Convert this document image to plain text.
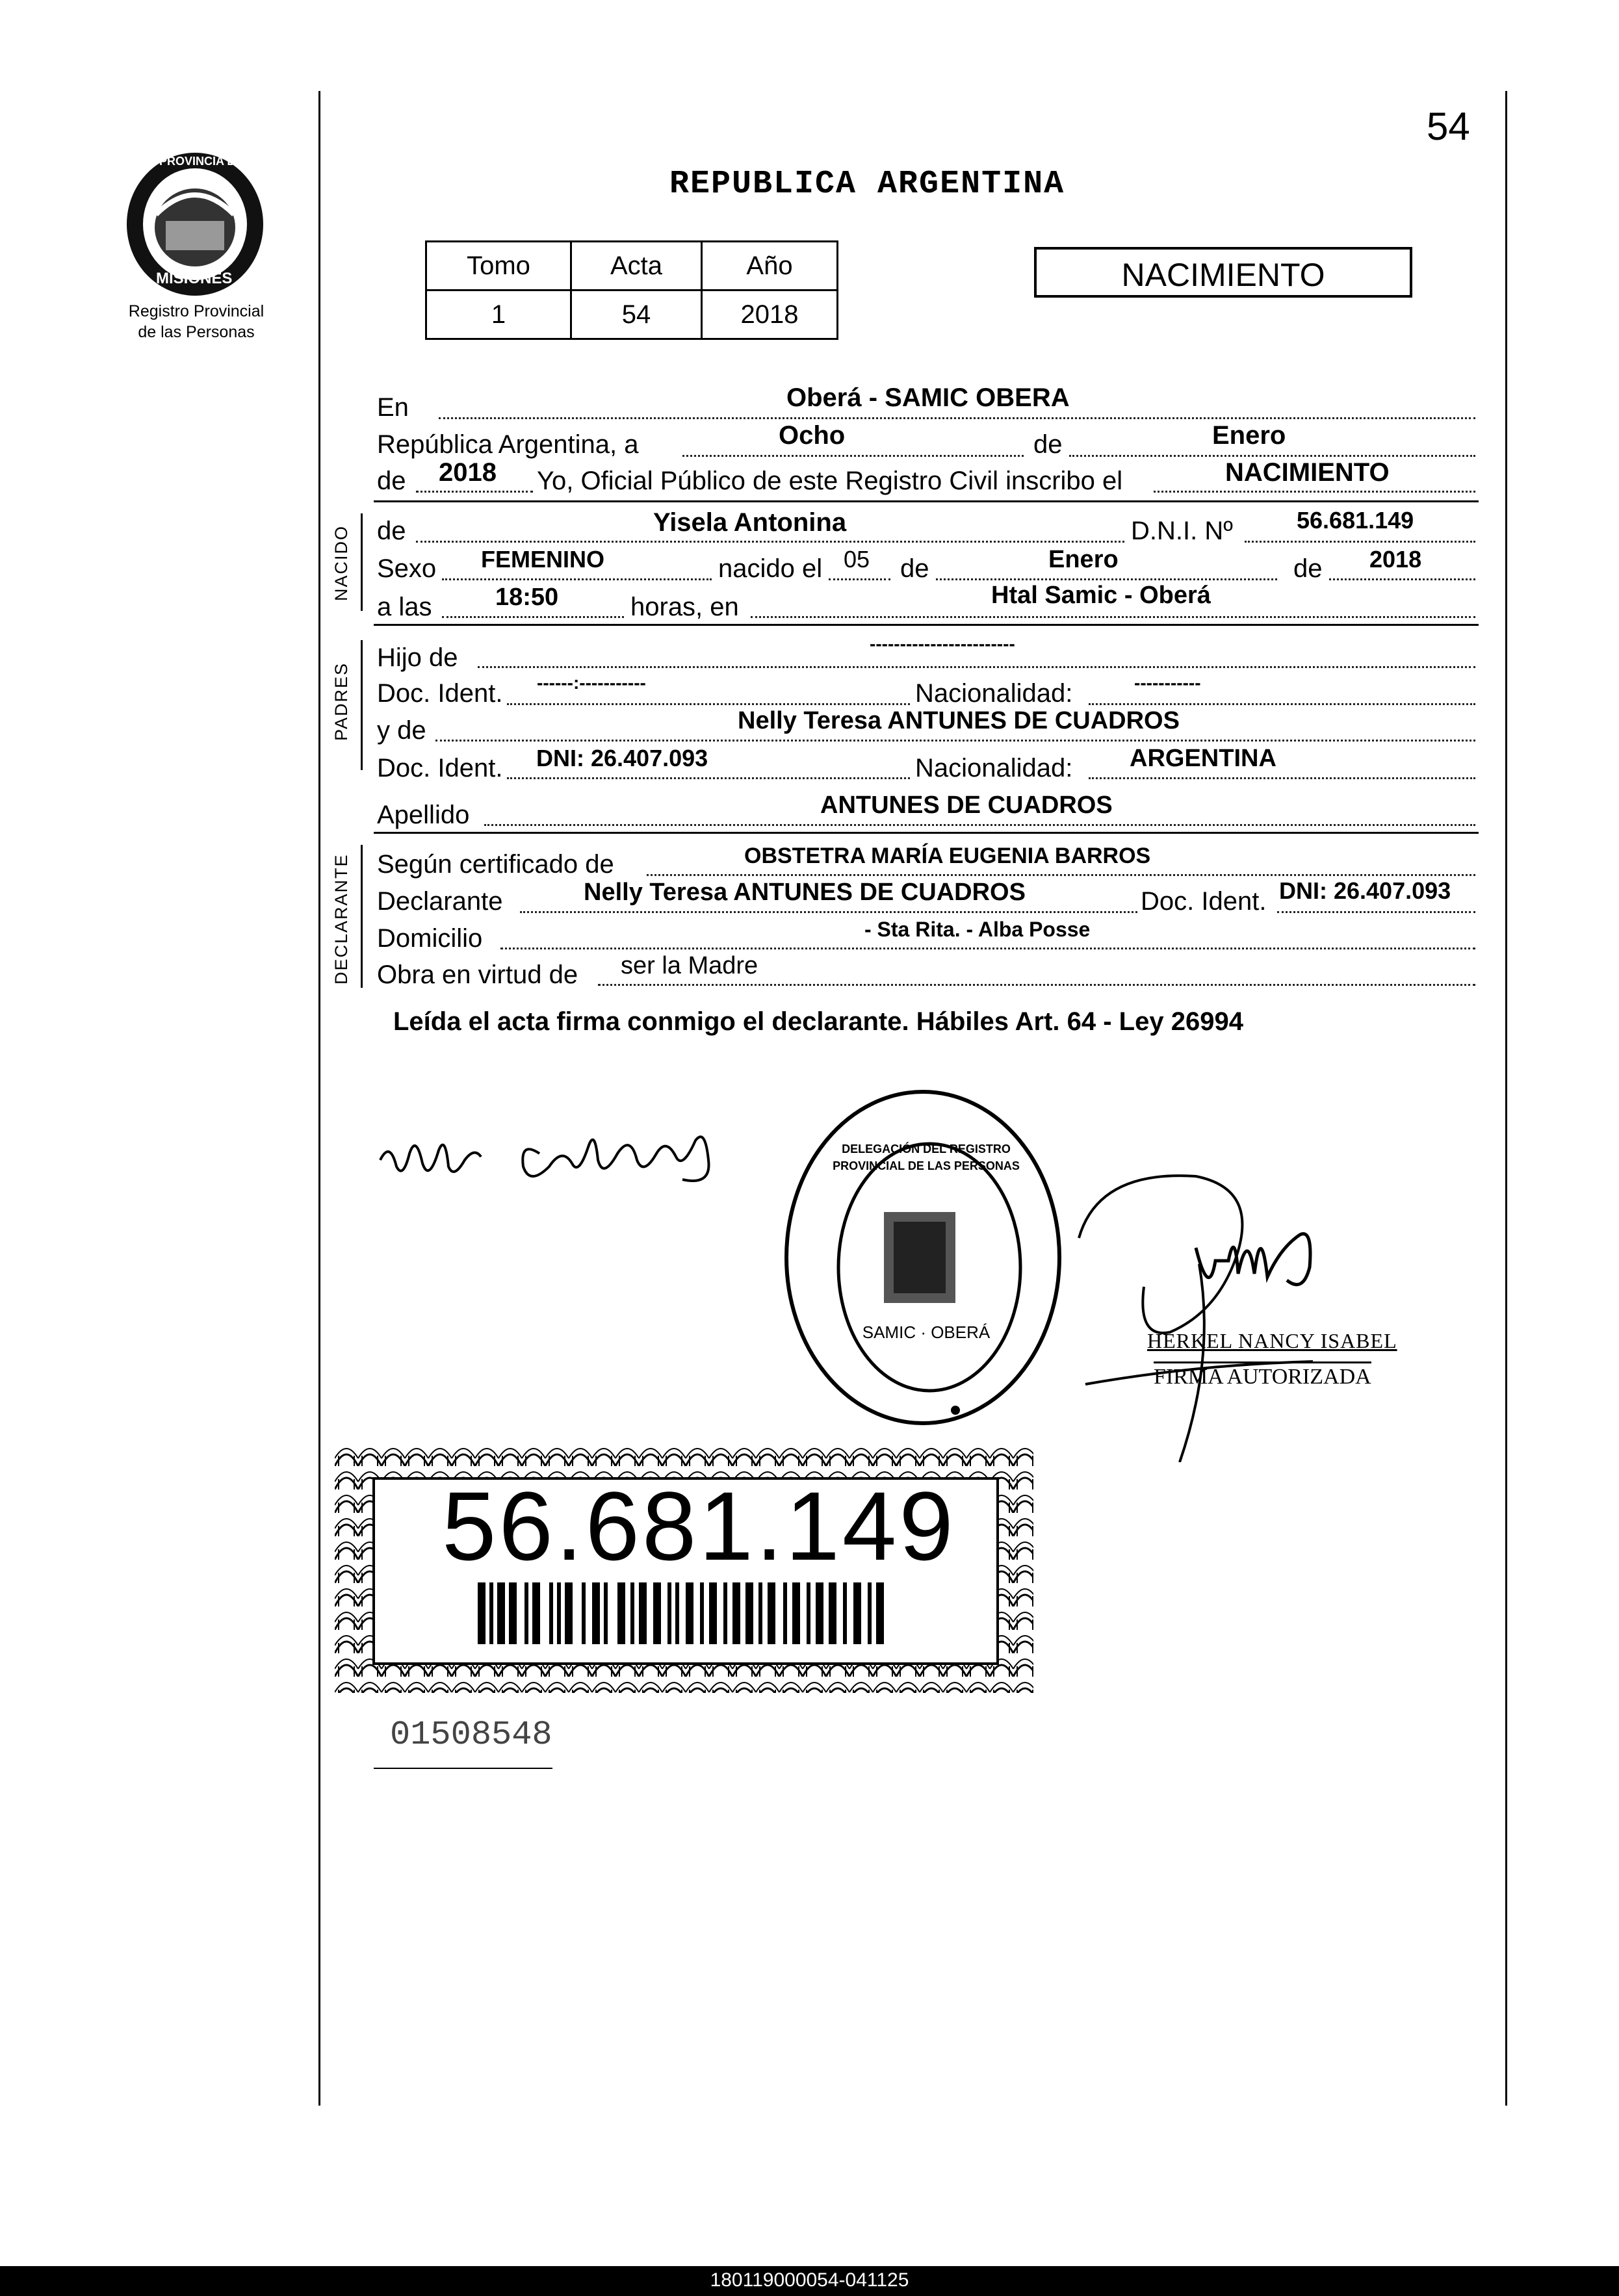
54
PROVINCIA DE
MISIONES
Registro Provincial
de las Personas
REPUBLICA ARGENTINA
Tomo	Acta	Año
1	54	2018
NACIMIENTO
En	Oberá - SAMIC OBERA
República Argentina, a	Ocho	de	Enero
de 2018 Yo, Oficial Público de este Registro Civil inscribo el	NACIMIENTO
NACIDO de	Yisela Antonina	D.N.I. Nº	56.681.149
Sexo FEMENINO	nacido el 05 de	Enero	de 2018
a las	18:50	horas, en	Htal Samic - Oberá
PADRES
Hijo de	------------------------
Doc. Ident. ------:-----------	Nacionalidad:	-----------
y de	Nelly Teresa ANTUNES DE CUADROS
Doc. Ident. DNI: 26.407.093	Nacionalidad: ARGENTINA
Apellido	ANTUNES DE CUADROS
DECLARANTE Según certificado de	OBSTETRA MARÍA EUGENIA BARROS
Declarante	Nelly Teresa ANTUNES DE CUADROS	Doc. Ident. DNI: 26.407.093
Domicilio	- Sta Rita. - Alba Posse
Obra en virtud de ser la Madre
Leída el acta firma conmigo el declarante. Hábiles Art. 64 - Ley 26994
DELEGACIÓN DEL REGISTRO PROVINCIAL DE LAS PERSONAS
SAMIC · OBERÁ	HERKEL NANCY ISABEL
FIRMA AUTORIZADA
56.681.149
01508548
180119000054-041125
